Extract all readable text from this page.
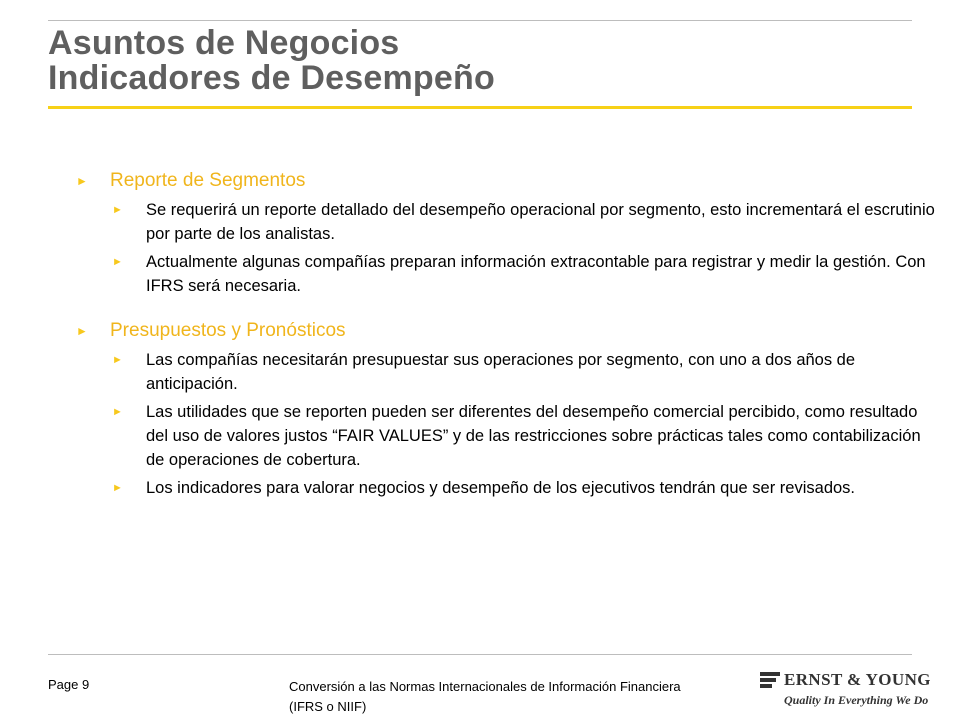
Asuntos de Negocios
Indicadores de Desempeño
► Reporte de Segmentos
► Se requerirá un reporte detallado del desempeño operacional por segmento, esto incrementará el escrutinio por parte de los analistas.
► Actualmente algunas compañías preparan información extracontable para registrar y medir la gestión. Con IFRS será necesaria.
► Presupuestos y Pronósticos
► Las compañías necesitarán presupuestar sus operaciones por segmento, con uno a dos años de anticipación.
► Las utilidades que se reporten pueden ser diferentes del desempeño comercial percibido, como resultado del uso de valores justos “FAIR VALUES” y de las restricciones sobre prácticas tales como contabilización de operaciones de cobertura.
► Los indicadores para valorar negocios y desempeño de los ejecutivos tendrán que ser revisados.
Page 9	Conversión a las Normas Internacionales de Información Financiera (IFRS o NIIF)
ERNST & YOUNG
Quality In Everything We Do
